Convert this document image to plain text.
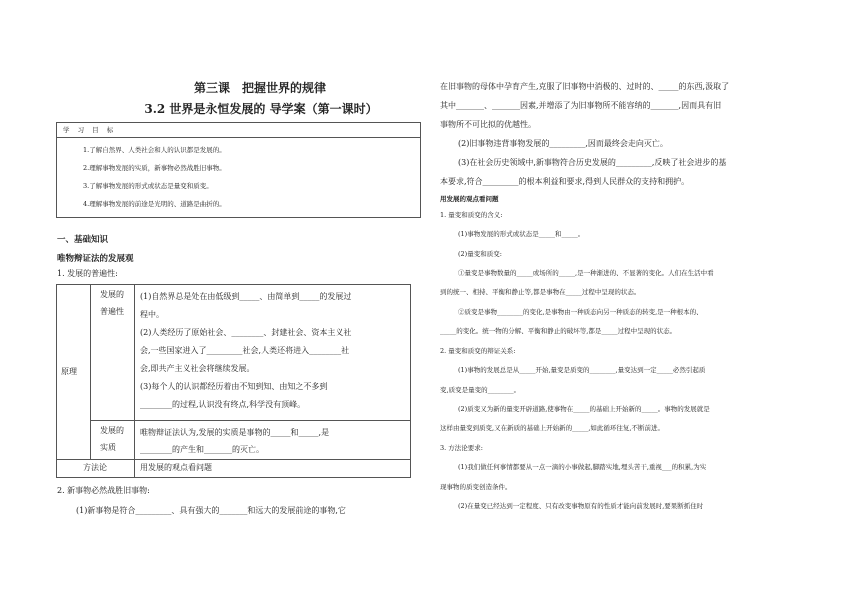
第三课　把握世界的规律
3.2 世界是永恒发展的 导学案（第一课时）
学 习 目 标
1.了解自然界、人类社会和人的认识都是发展的。
2.理解事物发展的实质，新事物必然战胜旧事物。
3.了解事物发展的形式或状态是量变和质变。
4.理解事物发展的前途是光明的、道路是曲折的。
一、基础知识
唯物辩证法的发展观
1. 发展的普遍性:
原理
发展的
普遍性
(1)自然界总是处在由低级到_____、由简单到_____的发展过
程中。
(2)人类经历了原始社会、________、封建社会、资本主义社
会,一些国家进入了_________社会,人类还将进入________社
会,即共产主义社会将继续发展。
(3)每个人的认识都经历着由不知到知、由知之不多到
________的过程,认识没有终点,科学没有顶峰。
发展的
实质
唯物辩证法认为,发展的实质是事物的_____和_____,是
________的产生和_______的灭亡。
方法论	用发展的观点看问题
2. 新事物必然战胜旧事物:
(1)新事物是符合_________、具有强大的_______和远大的发展前途的事物,它
在旧事物的母体中孕育产生,克服了旧事物中消极的、过时的、_____的东西,汲取了
其中_______、_______因素,并增添了为旧事物所不能容纳的_______,因而具有旧
事物所不可比拟的优越性。
(2)旧事物违背事物发展的_________,因而最终会走向灭亡。
(3)在社会历史领域中,新事物符合历史发展的_________,反映了社会进步的基
本要求,符合_________的根本利益和要求,得到人民群众的支持和拥护。
用发展的观点看问题
1. 量变和质变的含义:
(1)事物发展的形式或状态是_____和_____。
(2)量变和质变:
①量变是事物数量的_____或场所的_____,是一种渐进的、不显著的变化。人们在生活中看
到的统一、相持、平衡和静止等,都是事物在_____过程中呈现的状态。
②质变是事物________的变化,是事物由一种质态向另一种质态的转变,是一种根本的、
_____的变化。统一物的分解、平衡和静止的破坏等,都是_____过程中呈现的状态。
2. 量变和质变的辩证关系:
(1)事物的发展总是从_____开始,量变是质变的________,量变达到一定_____必然引起质
变,质变是量变的________。
(2)质变又为新的量变开辟道路,使事物在_____的基础上开始新的_____。事物的发展就是
这样由量变到质变,又在新质的基础上开始新的_____,如此循环往复,不断前进。
3. 方法论要求:
(1)我们做任何事情都要从一点一滴的小事做起,脚踏实地,埋头苦干,重视___的积累,为实
现事物的质变创造条件。
(2)在量变已经达到一定程度、只有改变事物原有的性质才能向前发展时,要果断抓住时
